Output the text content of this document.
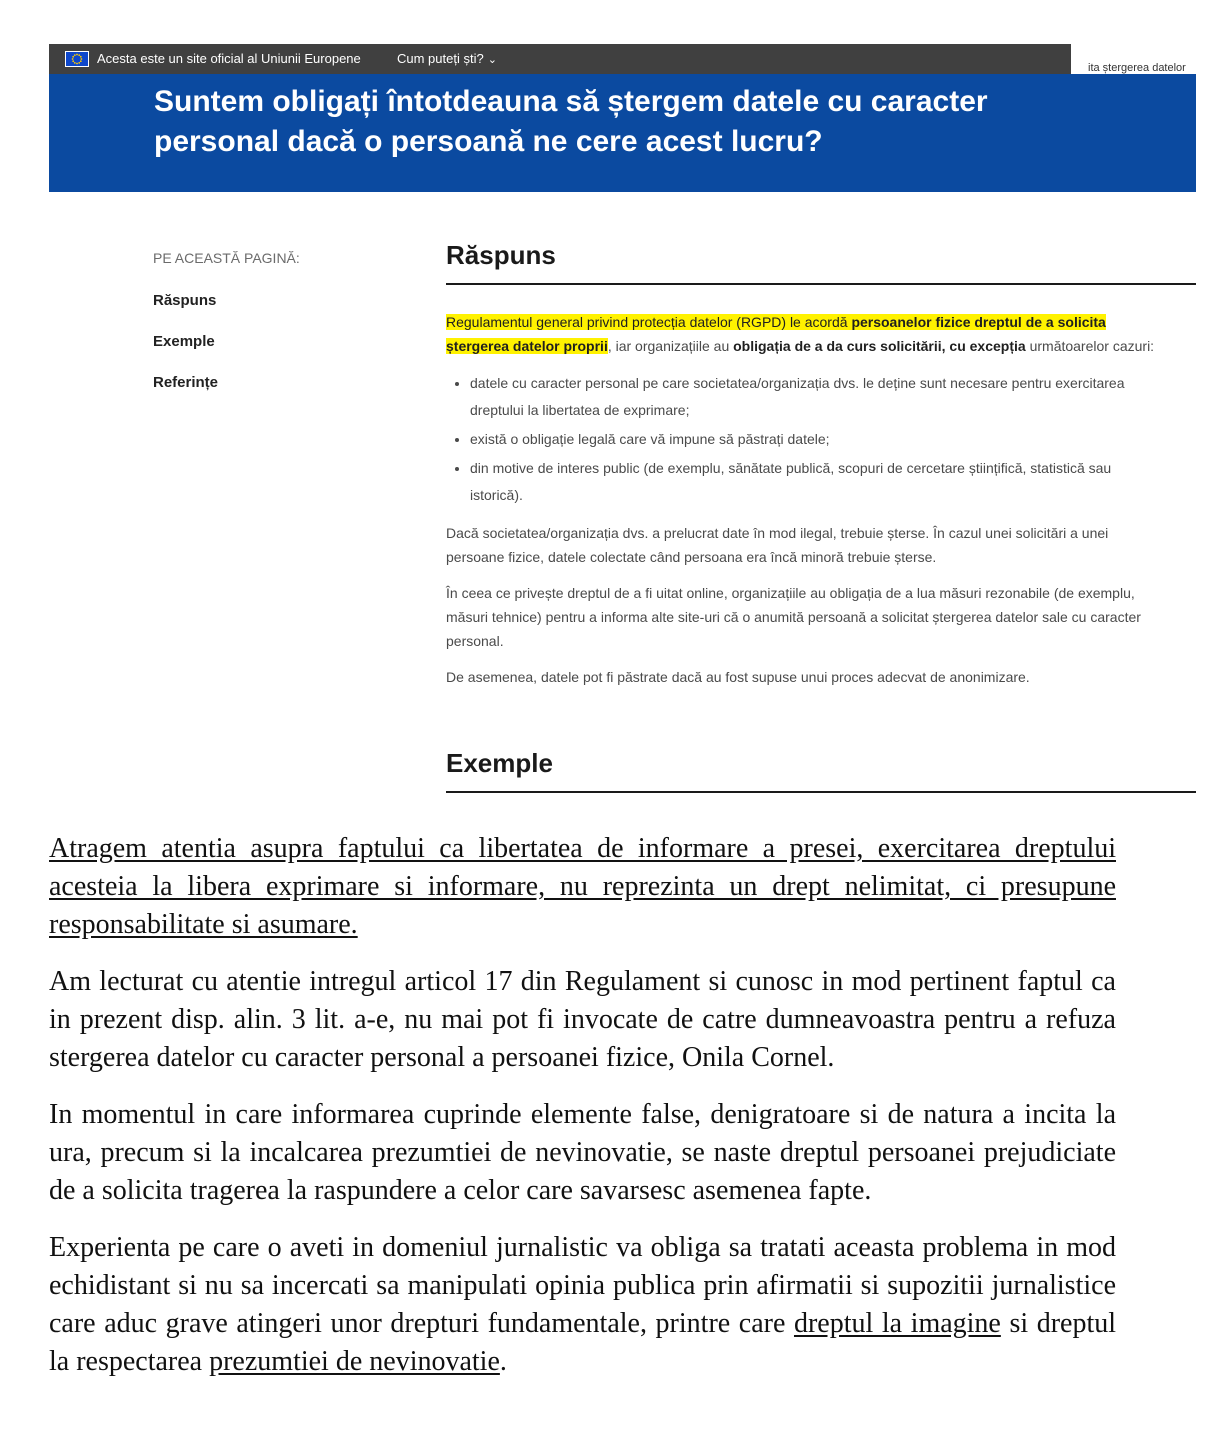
Acesta este un site oficial al Uniunii Europene	Cum puteți ști? ⌄
ita ștergerea datelor
Suntem obligați întotdeauna să ștergem datele cu caracter personal dacă o persoană ne cere acest lucru?
PE ACEASTĂ PAGINĂ:
Răspuns
Exemple
Referințe
Răspuns

Regulamentul general privind protecția datelor (RGPD) le acordă persoanelor fizice dreptul de a solicita ștergerea datelor proprii, iar organizațiile au obligația de a da curs solicitării, cu excepția următoarelor cazuri:

• datele cu caracter personal pe care societatea/organizația dvs. le deține sunt necesare pentru exercitarea dreptului la libertatea de exprimare;
• există o obligație legală care vă impune să păstrați datele;
• din motive de interes public (de exemplu, sănătate publică, scopuri de cercetare științifică, statistică sau istorică).

Dacă societatea/organizația dvs. a prelucrat date în mod ilegal, trebuie șterse. În cazul unei solicitări a unei persoane fizice, datele colectate când persoana era încă minoră trebuie șterse.

În ceea ce privește dreptul de a fi uitat online, organizațiile au obligația de a lua măsuri rezonabile (de exemplu, măsuri tehnice) pentru a informa alte site-uri că o anumită persoană a solicitat ștergerea datelor sale cu caracter personal.

De asemenea, datele pot fi păstrate dacă au fost supuse unui proces adecvat de anonimizare.

Exemple

Atragem atentia asupra faptului ca libertatea de informare a presei, exercitarea dreptului acesteia la libera exprimare si informare, nu reprezinta un drept nelimitat, ci presupune responsabilitate si asumare.

Am lecturat cu atentie intregul articol 17 din Regulament si cunosc in mod pertinent faptul ca in prezent disp. alin. 3 lit. a-e, nu mai pot fi invocate de catre dumneavoastra pentru a refuza stergerea datelor cu caracter personal a persoanei fizice, Onila Cornel.

In momentul in care informarea cuprinde elemente false, denigratoare si de natura a incita la ura, precum si la incalcarea prezumtiei de nevinovatie, se naste dreptul persoanei prejudiciate de a solicita tragerea la raspundere a celor care savarsesc asemenea fapte.

Experienta pe care o aveti in domeniul jurnalistic va obliga sa tratati aceasta problema in mod echidistant si nu sa incercati sa manipulati opinia publica prin afirmatii si supozitii jurnalistice care aduc grave atingeri unor drepturi fundamentale, printre care dreptul la imagine si dreptul la respectarea prezumtiei de nevinovatie.
